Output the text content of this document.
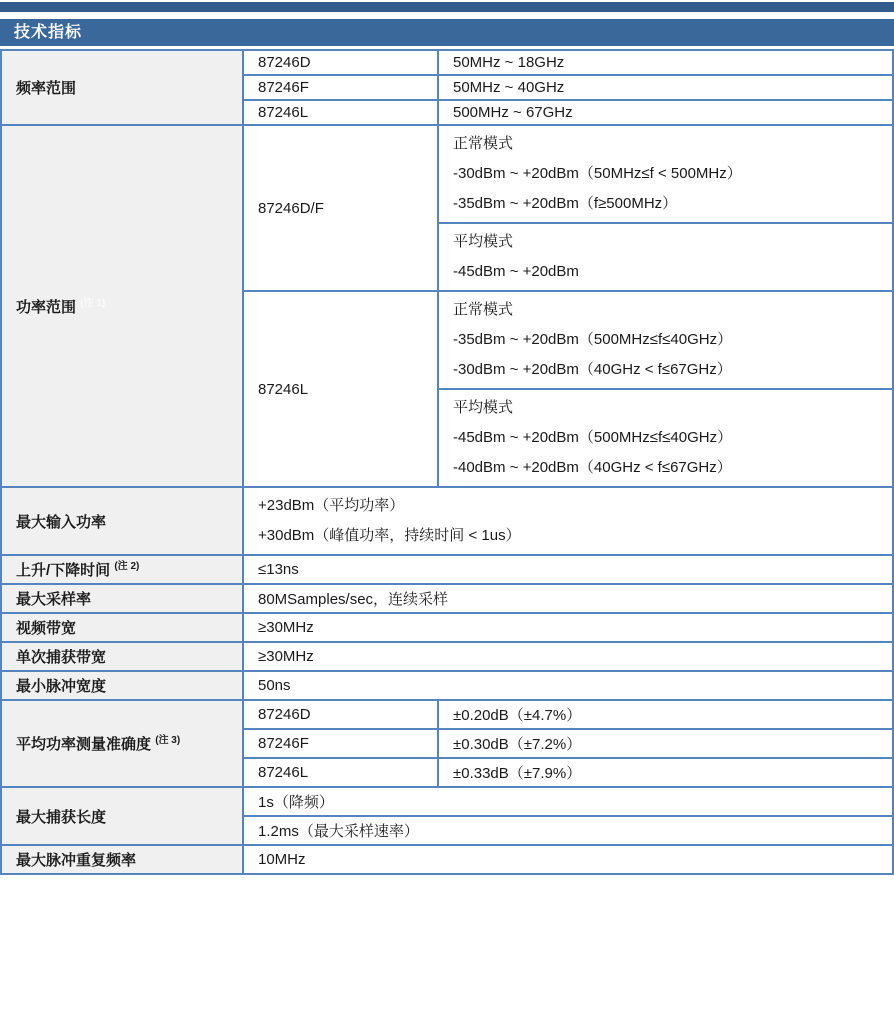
技术指标
频率范围	87246D	50MHz ~ 18GHz
	87246F	50MHz ~ 40GHz
	87246L	500MHz ~ 67GHz
功率范围 $^{(注 1)}$	87246D/F	正常模式

-30dBm ~ +20dBm（50MHz≤f < 500MHz）

-35dBm ~ +20dBm（f≥500MHz）

		平均模式

-45dBm ~ +20dBm

	87246L	正常模式

-35dBm ~ +20dBm（500MHz≤f≤40GHz）

-30dBm ~ +20dBm（40GHz < f≤67GHz）

		平均模式

-45dBm ~ +20dBm（500MHz≤f≤40GHz）

-40dBm ~ +20dBm（40GHz < f≤67GHz）

最大输入功率	+23dBm（平均功率）

+30dBm（峰值功率，持续时间 < 1us）	

上升/下降时间 $^{(注 2)}$	≤13ns	
最大采样率	80MSamples/sec，连续采样	
视频带宽	≥30MHz	
单次捕获带宽	≥30MHz	
最小脉冲宽度	50ns	
平均功率测量准确度 $^{(注 3)}$	87246D	±0.20dB（±4.7%）
	87246F	±0.30dB（±7.2%）
	87246L	±0.33dB（±7.9%）
最大捕获长度	1s（降频）	
	1.2ms（最大采样速率）	
最大脉冲重复频率	10MHz	
